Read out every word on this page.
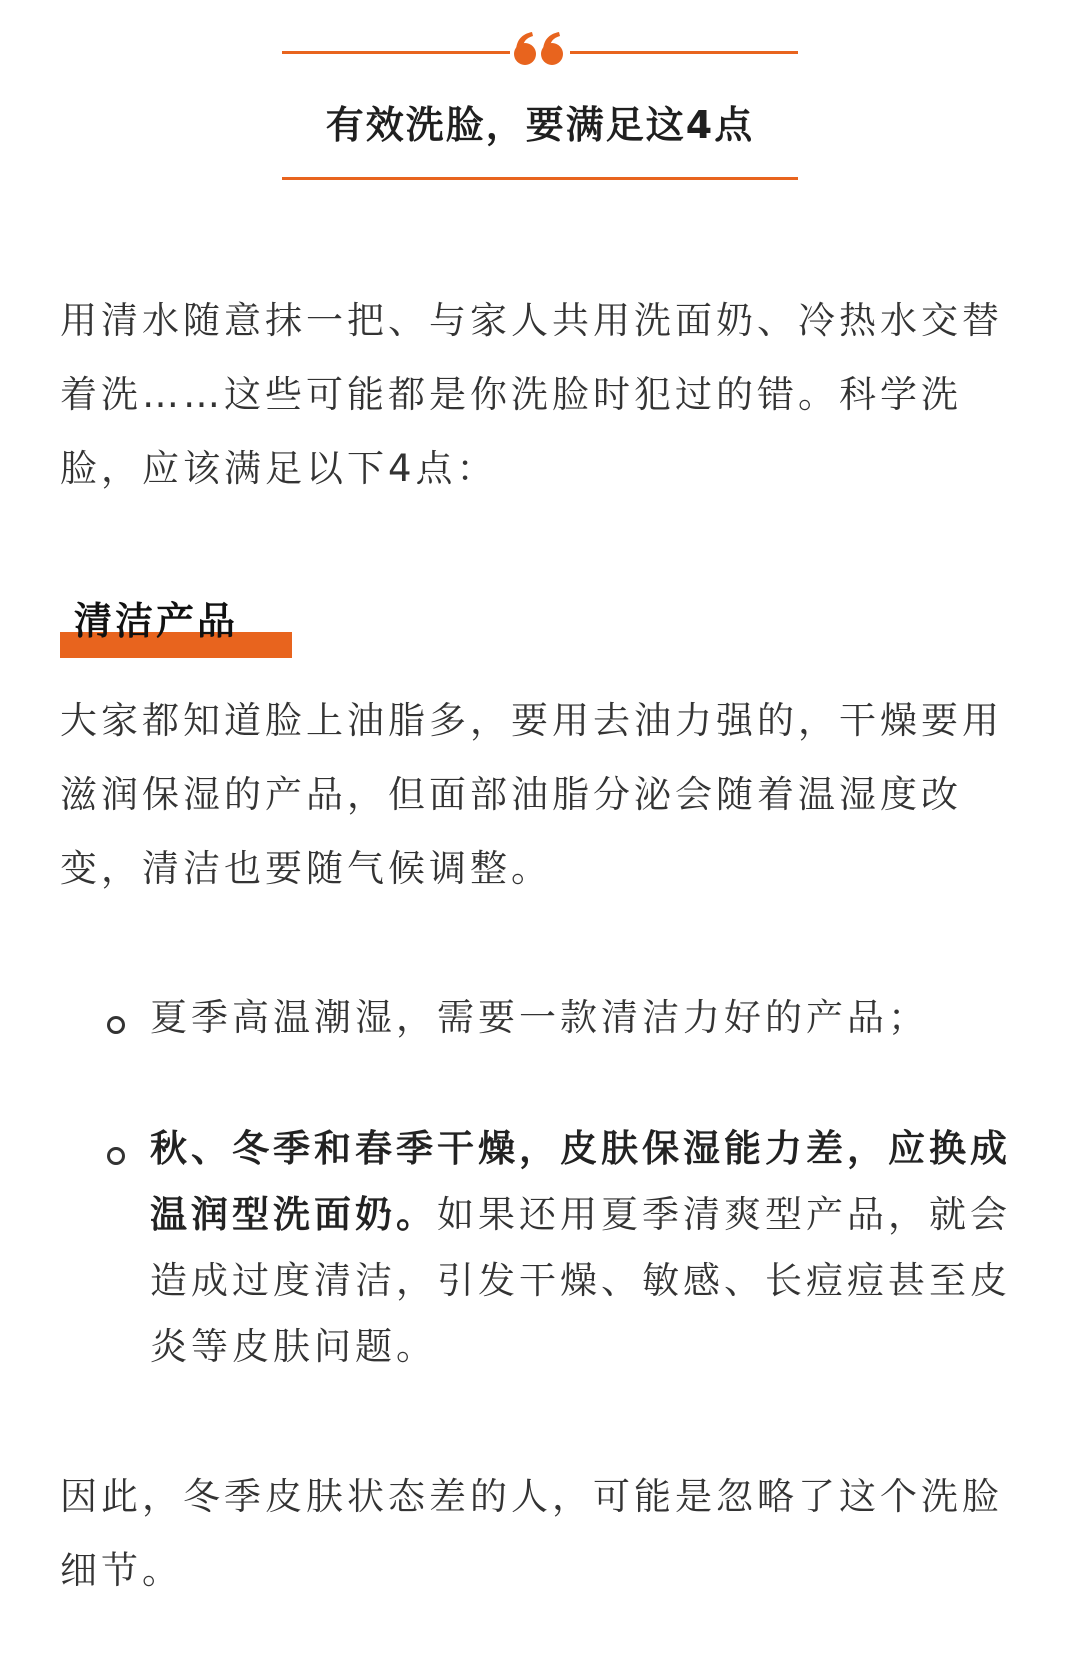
有效洗脸，要满足这4点

用清水随意抹一把、与家人共用洗面奶、冷热水交替着洗……这些可能都是你洗脸时犯过的错。科学洗脸，应该满足以下4点：

清洁产品

大家都知道脸上油脂多，要用去油力强的，干燥要用滋润保湿的产品，但面部油脂分泌会随着温湿度改变，清洁也要随气候调整。

夏季高温潮湿，需要一款清洁力好的产品；

秋、冬季和春季干燥，皮肤保湿能力差，应换成温润型洗面奶。如果还用夏季清爽型产品，就会造成过度清洁，引发干燥、敏感、长痘痘甚至皮炎等皮肤问题。

因此，冬季皮肤状态差的人，可能是忽略了这个洗脸细节。
